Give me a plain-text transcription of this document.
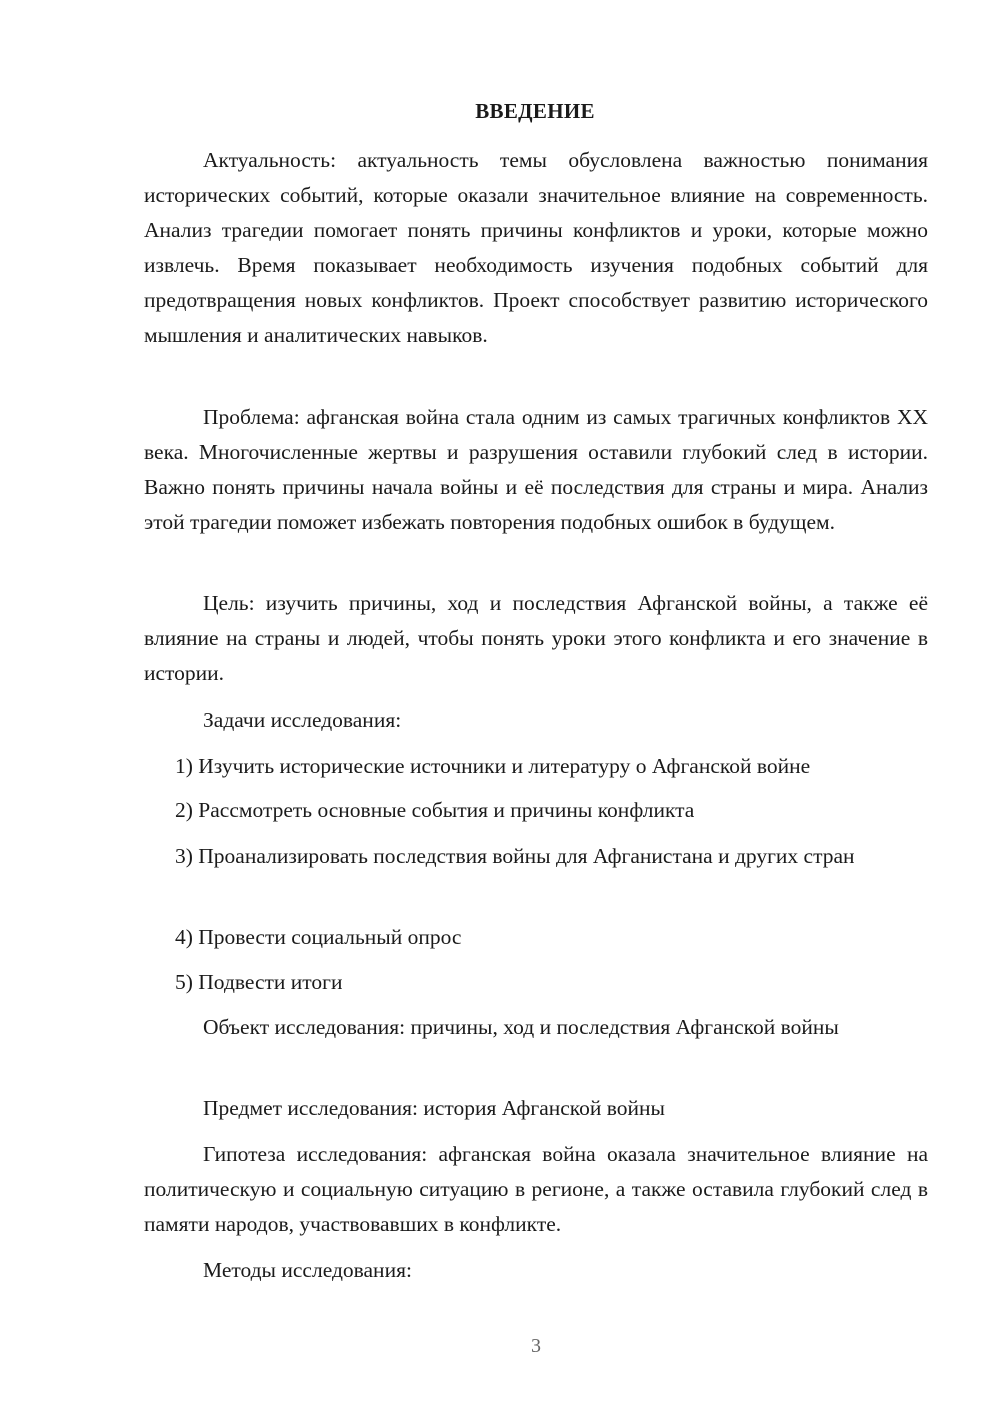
ВВЕДЕНИЕ

Актуальность: актуальность темы обусловлена важностью понимания исторических событий, которые оказали значительное влияние на современность. Анализ трагедии помогает понять причины конфликтов и уроки, которые можно извлечь. Время показывает необходимость изучения подобных событий для предотвращения новых конфликтов. Проект способствует развитию исторического мышления и аналитических навыков.

Проблема: афганская война стала одним из самых трагичных конфликтов XX века. Многочисленные жертвы и разрушения оставили глубокий след в истории. Важно понять причины начала войны и её последствия для страны и мира. Анализ этой трагедии поможет избежать повторения подобных ошибок в будущем.

Цель: изучить причины, ход и последствия Афганской войны, а также её влияние на страны и людей, чтобы понять уроки этого конфликта и его значение в истории.

Задачи исследования:

1) Изучить исторические источники и литературу о Афганской войне

2) Рассмотреть основные события и причины конфликта

3) Проанализировать последствия войны для Афганистана и других стран

4) Провести социальный опрос

5) Подвести итоги

Объект исследования: причины, ход и последствия Афганской войны

Предмет исследования: история Афганской войны

Гипотеза исследования: афганская война оказала значительное влияние на политическую и социальную ситуацию в регионе, а также оставила глубокий след в памяти народов, участвовавших в конфликте.

Методы исследования:

3
